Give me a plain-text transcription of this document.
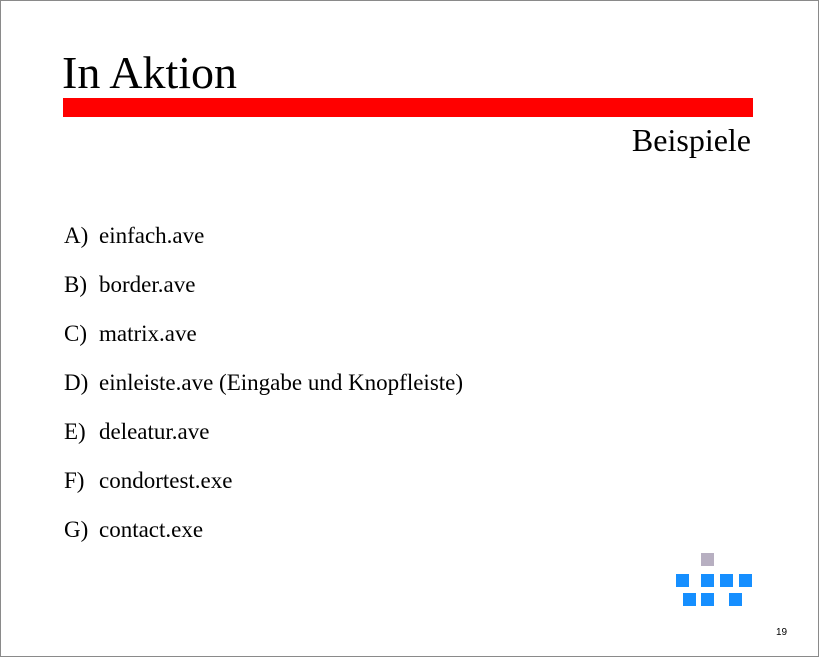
In Aktion
Beispiele
A) einfach.ave
B) border.ave
C) matrix.ave
D) einleiste.ave (Eingabe und Knopfleiste)
E) deleatur.ave
F) condortest.exe
G) contact.exe
19
